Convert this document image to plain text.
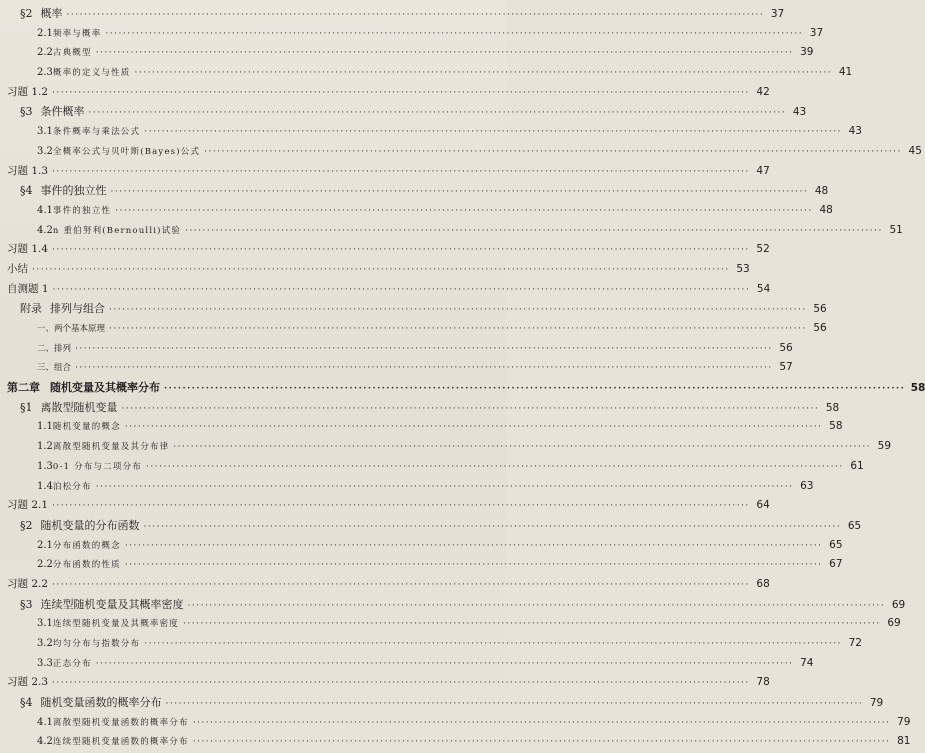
§2 概率 ································································································································································ 37
2.1 频率与概率 ································································································································································ 37
2.2 古典概型 ································································································································································ 39
2.3 概率的定义与性质 ································································································································································ 41
习题 1.2 ································································································································································ 42
§3 条件概率 ································································································································································ 43
3.1 条件概率与乘法公式 ································································································································································ 43
3.2 全概率公式与贝叶斯(Bayes)公式 ································································································································································ 45
习题 1.3 ································································································································································ 47
§4 事件的独立性 ································································································································································ 48
4.1 事件的独立性 ································································································································································ 48
4.2 n 重伯努利(Bernoulli)试验 ································································································································································ 51
习题 1.4 ································································································································································ 52
小结 ································································································································································ 53
自测题 1 ································································································································································ 54
附录 排列与组合 ································································································································································ 56
一、两个基本原理 ································································································································································ 56
二、排列 ································································································································································ 56
三、组合 ································································································································································ 57
第二章 随机变量及其概率分布 ································································································································································ 58
§1 离散型随机变量 ································································································································································ 58
1.1 随机变量的概念 ································································································································································ 58
1.2 离散型随机变量及其分布律 ································································································································································ 59
1.3 0-1 分布与二项分布 ································································································································································ 61
1.4 泊松分布 ································································································································································ 63
习题 2.1 ································································································································································ 64
§2 随机变量的分布函数 ································································································································································ 65
2.1 分布函数的概念 ································································································································································ 65
2.2 分布函数的性质 ································································································································································ 67
习题 2.2 ································································································································································ 68
§3 连续型随机变量及其概率密度 ································································································································································ 69
3.1 连续型随机变量及其概率密度 ································································································································································ 69
3.2 均匀分布与指数分布 ································································································································································ 72
3.3 正态分布 ································································································································································ 74
习题 2.3 ································································································································································ 78
§4 随机变量函数的概率分布 ································································································································································ 79
4.1 离散型随机变量函数的概率分布 ································································································································································ 79
4.2 连续型随机变量函数的概率分布 ································································································································································ 81
